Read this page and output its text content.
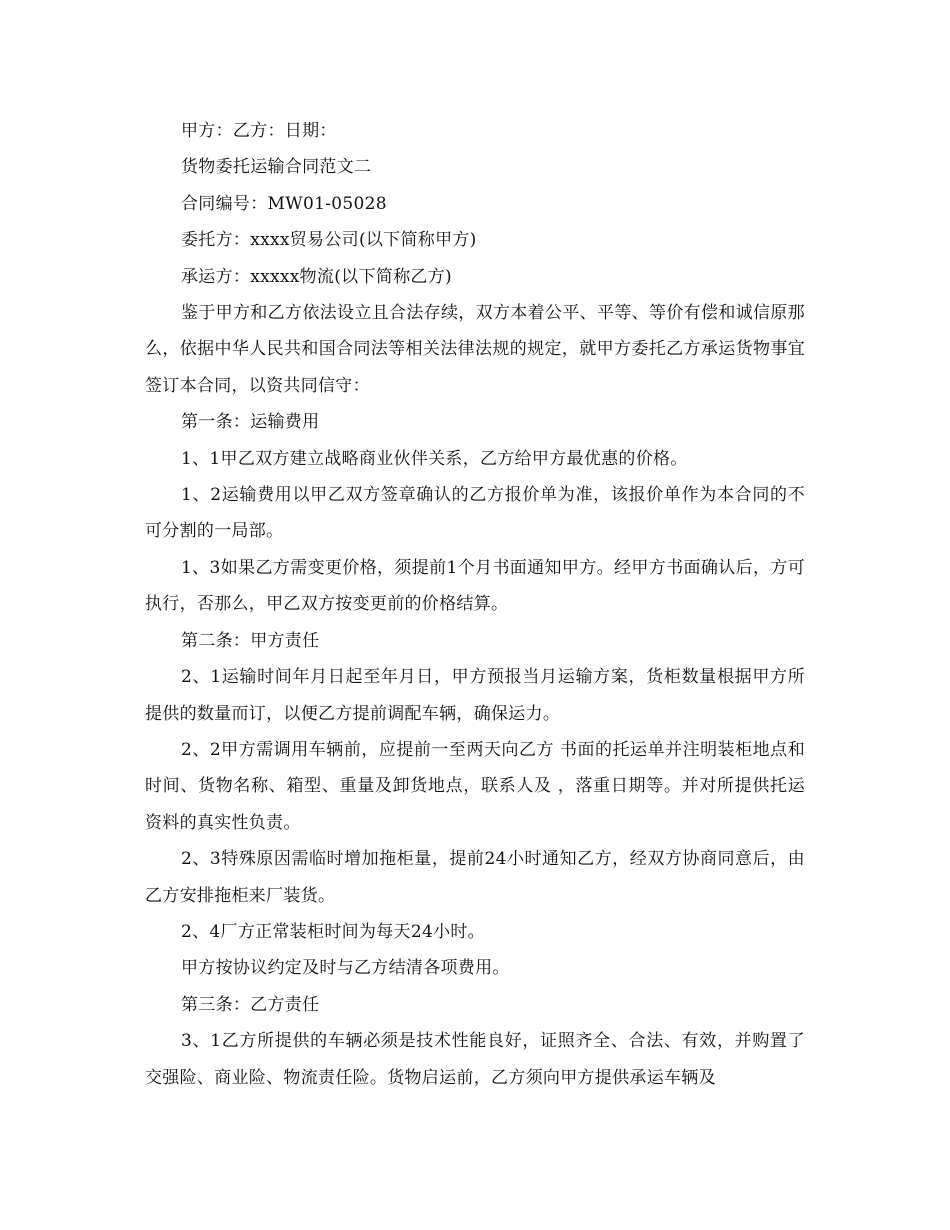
甲方：乙方：日期：

货物委托运输合同范文二

合同编号：MW01-05028

委托方：xxxx贸易公司(以下简称甲方)

承运方：xxxxx物流(以下简称乙方)

鉴于甲方和乙方依法设立且合法存续，双方本着公平、平等、等价有偿和诚信原那么，依据中华人民共和国合同法等相关法律法规的规定，就甲方委托乙方承运货物事宜签订本合同，以资共同信守：

第一条：运输费用

1、1甲乙双方建立战略商业伙伴关系，乙方给甲方最优惠的价格。

1、2运输费用以甲乙双方签章确认的乙方报价单为准，该报价单作为本合同的不可分割的一局部。

1、3如果乙方需变更价格，须提前1个月书面通知甲方。经甲方书面确认后，方可执行，否那么，甲乙双方按变更前的价格结算。

第二条：甲方责任

2、1运输时间年月日起至年月日，甲方预报当月运输方案，货柜数量根据甲方所提供的数量而订，以便乙方提前调配车辆，确保运力。

2、2甲方需调用车辆前，应提前一至两天向乙方 书面的托运单并注明装柜地点和时间、货物名称、箱型、重量及卸货地点，联系人及 ，落重日期等。并对所提供托运资料的真实性负责。

2、3特殊原因需临时增加拖柜量，提前24小时通知乙方，经双方协商同意后，由乙方安排拖柜来厂装货。

2、4厂方正常装柜时间为每天24小时。

甲方按协议约定及时与乙方结清各项费用。

第三条：乙方责任

3、1乙方所提供的车辆必须是技术性能良好，证照齐全、合法、有效，并购置了交强险、商业险、物流责任险。货物启运前，乙方须向甲方提供承运车辆及
